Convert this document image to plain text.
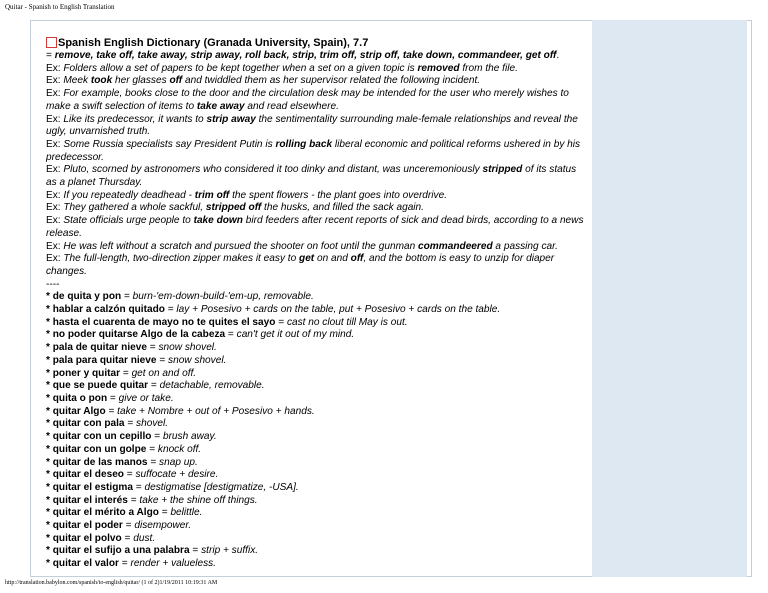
Quitar - Spanish to English Translation
Spanish English Dictionary (Granada University, Spain), 7.7
= remove, take off, take away, strip away, roll back, strip, trim off, strip off, take down, commandeer, get off.
Ex: Folders allow a set of papers to be kept together when a set on a given topic is removed from the file.
Ex: Meek took her glasses off and twiddled them as her supervisor related the following incident.
Ex: For example, books close to the door and the circulation desk may be intended for the user who merely wishes to make a swift selection of items to take away and read elsewhere.
Ex: Like its predecessor, it wants to strip away the sentimentality surrounding male-female relationships and reveal the ugly, unvarnished truth.
Ex: Some Russia specialists say President Putin is rolling back liberal economic and political reforms ushered in by his predecessor.
Ex: Pluto, scorned by astronomers who considered it too dinky and distant, was unceremoniously stripped of its status as a planet Thursday.
Ex: If you repeatedly deadhead - trim off the spent flowers - the plant goes into overdrive.
Ex: They gathered a whole sackful, stripped off the husks, and filled the sack again.
Ex: State officials urge people to take down bird feeders after recent reports of sick and dead birds, according to a news release.
Ex: He was left without a scratch and pursued the shooter on foot until the gunman commandeered a passing car.
Ex: The full-length, two-direction zipper makes it easy to get on and off, and the bottom is easy to unzip for diaper changes.
----
* de quita y pon = burn-'em-down-build-'em-up, removable.
* hablar a calzón quitado = lay + Posesivo + cards on the table, put + Posesivo + cards on the table.
* hasta el cuarenta de mayo no te quites el sayo = cast no clout till May is out.
* no poder quitarse Algo de la cabeza = can't get it out of my mind.
* pala de quitar nieve = snow shovel.
* pala para quitar nieve = snow shovel.
* poner y quitar = get on and off.
* que se puede quitar = detachable, removable.
* quita o pon = give or take.
* quitar Algo = take + Nombre + out of + Posesivo + hands.
* quitar con pala = shovel.
* quitar con un cepillo = brush away.
* quitar con un golpe = knock off.
* quitar de las manos = snap up.
* quitar el deseo = suffocate + desire.
* quitar el estigma = destigmatise [destigmatize, -USA].
* quitar el interés = take + the shine off things.
* quitar el mérito a Algo = belittle.
* quitar el poder = disempower.
* quitar el polvo = dust.
* quitar el sufijo a una palabra = strip + suffix.
* quitar el valor = render + valueless.
http://translation.babylon.com/spanish/to-english/quitar/ (1 of 2)1/19/2011 10:19:31 AM
